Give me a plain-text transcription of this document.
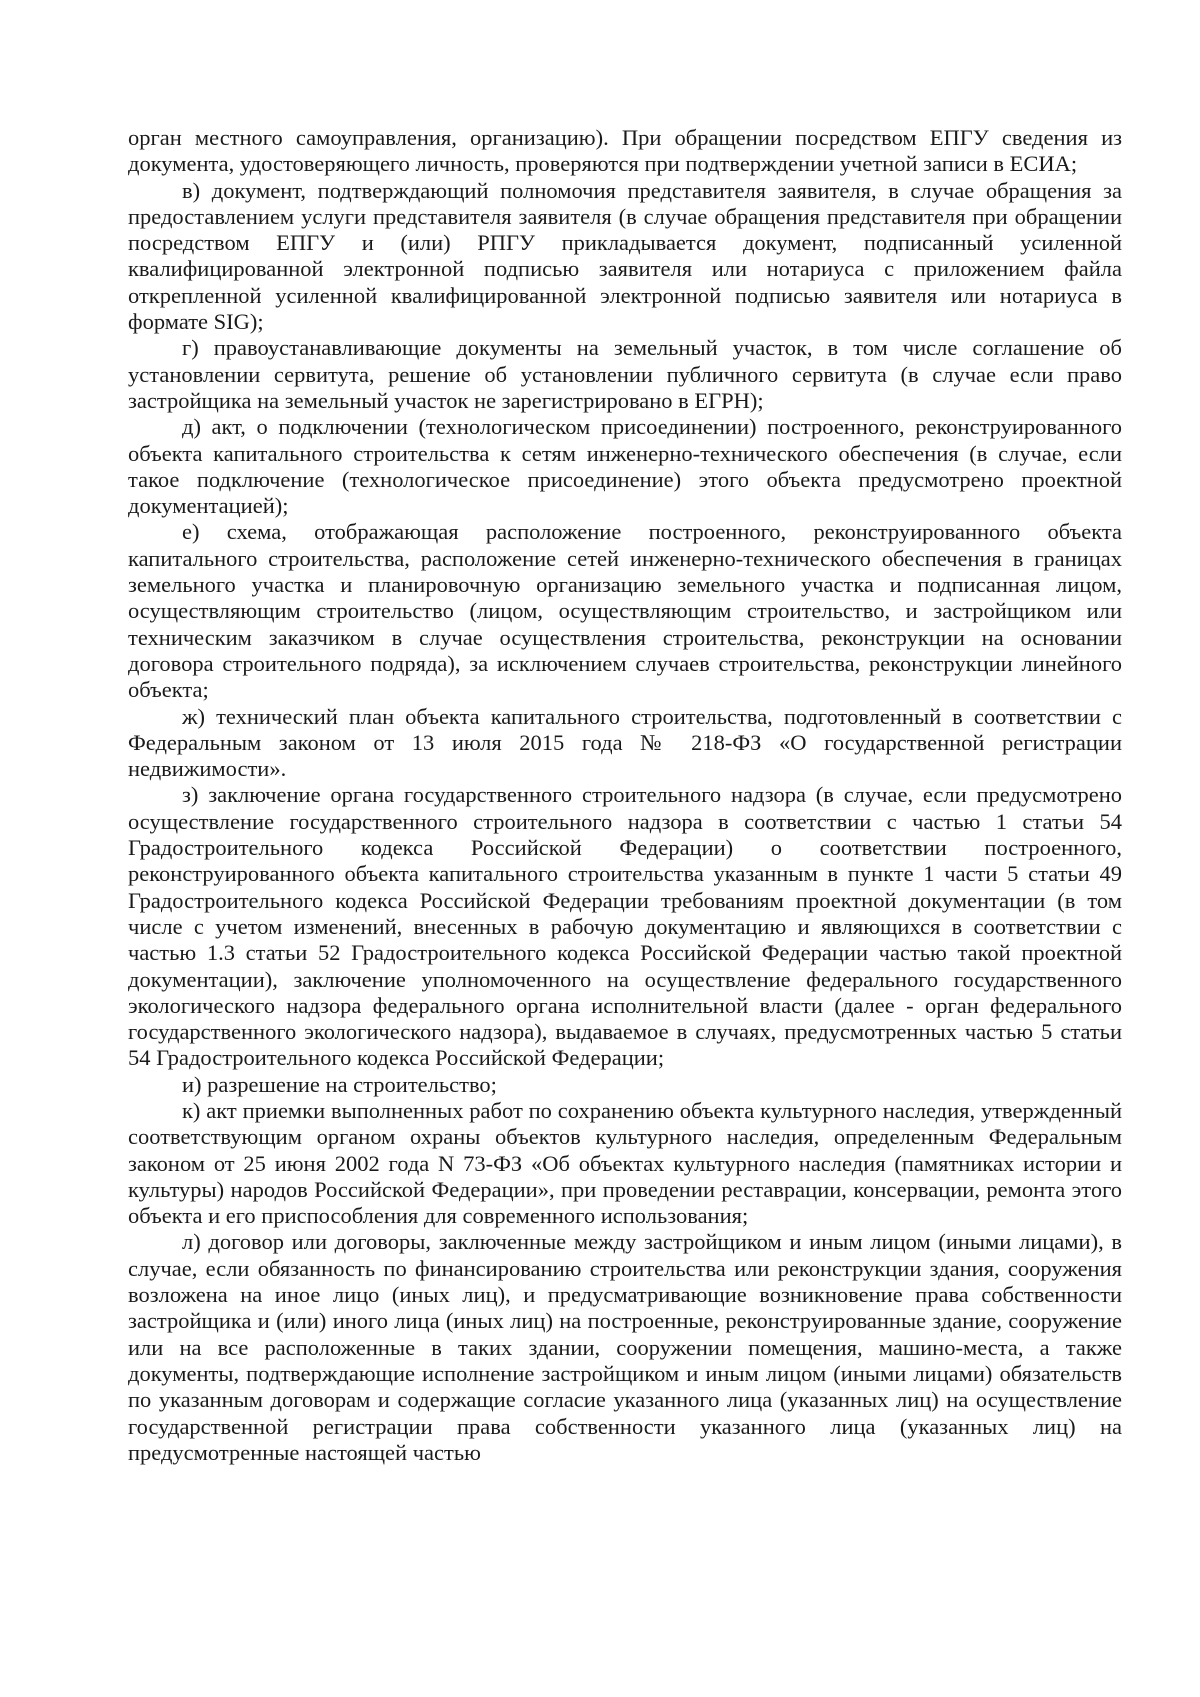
орган местного самоуправления, организацию). При обращении посредством ЕПГУ сведения из документа, удостоверяющего личность, проверяются при подтверждении учетной записи в ЕСИА;

в) документ, подтверждающий полномочия представителя заявителя, в случае обращения за предоставлением услуги представителя заявителя (в случае обращения представителя при обращении посредством ЕПГУ и (или) РПГУ прикладывается документ, подписанный усиленной квалифицированной электронной подписью заявителя или нотариуса с приложением файла открепленной усиленной квалифицированной электронной подписью заявителя или нотариуса в формате SIG);

г) правоустанавливающие документы на земельный участок, в том числе соглашение об установлении сервитута, решение об установлении публичного сервитута (в случае если право застройщика на земельный участок не зарегистрировано в ЕГРН);

д) акт, о подключении (технологическом присоединении) построенного, реконструированного объекта капитального строительства к сетям инженерно-технического обеспечения (в случае, если такое подключение (технологическое присоединение) этого объекта предусмотрено проектной документацией);

е) схема, отображающая расположение построенного, реконструированного объекта капитального строительства, расположение сетей инженерно-технического обеспечения в границах земельного участка и планировочную организацию земельного участка и подписанная лицом, осуществляющим строительство (лицом, осуществляющим строительство, и застройщиком или техническим заказчиком в случае осуществления строительства, реконструкции на основании договора строительного подряда), за исключением случаев строительства, реконструкции линейного объекта;

ж) технический план объекта капитального строительства, подготовленный в соответствии с Федеральным законом от 13 июля 2015 года № 218-ФЗ «О государственной регистрации недвижимости».

з) заключение органа государственного строительного надзора (в случае, если предусмотрено осуществление государственного строительного надзора в соответствии с частью 1 статьи 54 Градостроительного кодекса Российской Федерации) о соответствии построенного, реконструированного объекта капитального строительства указанным в пункте 1 части 5 статьи 49 Градостроительного кодекса Российской Федерации требованиям проектной документации (в том числе с учетом изменений, внесенных в рабочую документацию и являющихся в соответствии с частью 1.3 статьи 52 Градостроительного кодекса Российской Федерации частью такой проектной документации), заключение уполномоченного на осуществление федерального государственного экологического надзора федерального органа исполнительной власти (далее - орган федерального государственного экологического надзора), выдаваемое в случаях, предусмотренных частью 5 статьи 54 Градостроительного кодекса Российской Федерации;

и) разрешение на строительство;

к) акт приемки выполненных работ по сохранению объекта культурного наследия, утвержденный соответствующим органом охраны объектов культурного наследия, определенным Федеральным законом от 25 июня 2002 года N 73-ФЗ «Об объектах культурного наследия (памятниках истории и культуры) народов Российской Федерации», при проведении реставрации, консервации, ремонта этого объекта и его приспособления для современного использования;

л) договор или договоры, заключенные между застройщиком и иным лицом (иными лицами), в случае, если обязанность по финансированию строительства или реконструкции здания, сооружения возложена на иное лицо (иных лиц), и предусматривающие возникновение права собственности застройщика и (или) иного лица (иных лиц) на построенные, реконструированные здание, сооружение или на все расположенные в таких здании, сооружении помещения, машино-места, а также документы, подтверждающие исполнение застройщиком и иным лицом (иными лицами) обязательств по указанным договорам и содержащие согласие указанного лица (указанных лиц) на осуществление государственной регистрации права собственности указанного лица (указанных лиц) на предусмотренные настоящей частью
